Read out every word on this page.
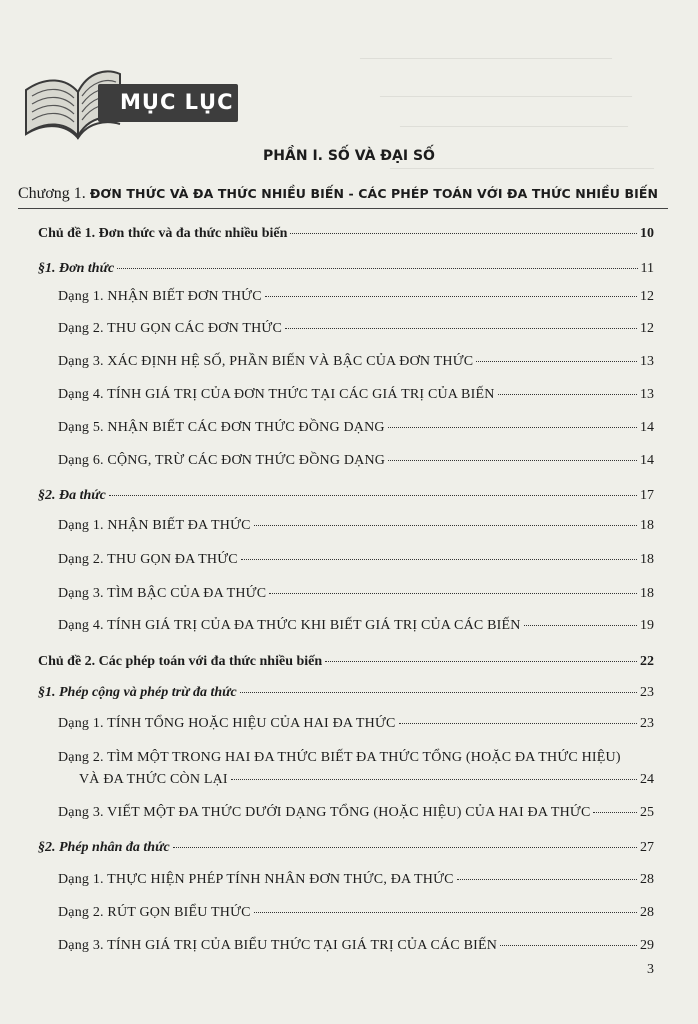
—————————————————————
—————————————————————
———————————————————
——————————————————————
MỤC LỤC
PHẦN I. SỐ VÀ ĐẠI SỐ
Chương 1. ĐƠN THỨC VÀ ĐA THỨC NHIỀU BIẾN - CÁC PHÉP TOÁN VỚI ĐA THỨC NHIỀU BIẾN
Chủ đề 1. Đơn thức và đa thức nhiều biến	10
§1. Đơn thức	11
Dạng 1. NHẬN BIẾT ĐƠN THỨC	12
Dạng 2. THU GỌN CÁC ĐƠN THỨC	12
Dạng 3. XÁC ĐỊNH HỆ SỐ, PHẦN BIẾN VÀ BẬC CỦA ĐƠN THỨC	13
Dạng 4. TÍNH GIÁ TRỊ CỦA ĐƠN THỨC TẠI CÁC GIÁ TRỊ CỦA BIẾN	13
Dạng 5. NHẬN BIẾT CÁC ĐƠN THỨC ĐỒNG DẠNG	14
Dạng 6. CỘNG, TRỪ CÁC ĐƠN THỨC ĐỒNG DẠNG	14
§2. Đa thức	17
Dạng 1. NHẬN BIẾT ĐA THỨC	18
Dạng 2. THU GỌN ĐA THỨC	18
Dạng 3. TÌM BẬC CỦA ĐA THỨC	18
Dạng 4. TÍNH GIÁ TRỊ CỦA ĐA THỨC KHI BIẾT GIÁ TRỊ CỦA CÁC BIẾN	19
Chủ đề 2. Các phép toán với đa thức nhiều biến	22
§1. Phép cộng và phép trừ đa thức	23
Dạng 1. TÍNH TỔNG HOẶC HIỆU CỦA HAI ĐA THỨC	23
Dạng 2. TÌM MỘT TRONG HAI ĐA THỨC BIẾT ĐA THỨC TỔNG (HOẶC ĐA THỨC HIỆU)
VÀ ĐA THỨC CÒN LẠI	24
Dạng 3. VIẾT MỘT ĐA THỨC DƯỚI DẠNG TỔNG (HOẶC HIỆU) CỦA HAI ĐA THỨC	25
§2. Phép nhân đa thức	27
Dạng 1. THỰC HIỆN PHÉP TÍNH NHÂN ĐƠN THỨC, ĐA THỨC	28
Dạng 2. RÚT GỌN BIỂU THỨC	28
Dạng 3. TÍNH GIÁ TRỊ CỦA BIỂU THỨC TẠI GIÁ TRỊ CỦA CÁC BIẾN	29
3
